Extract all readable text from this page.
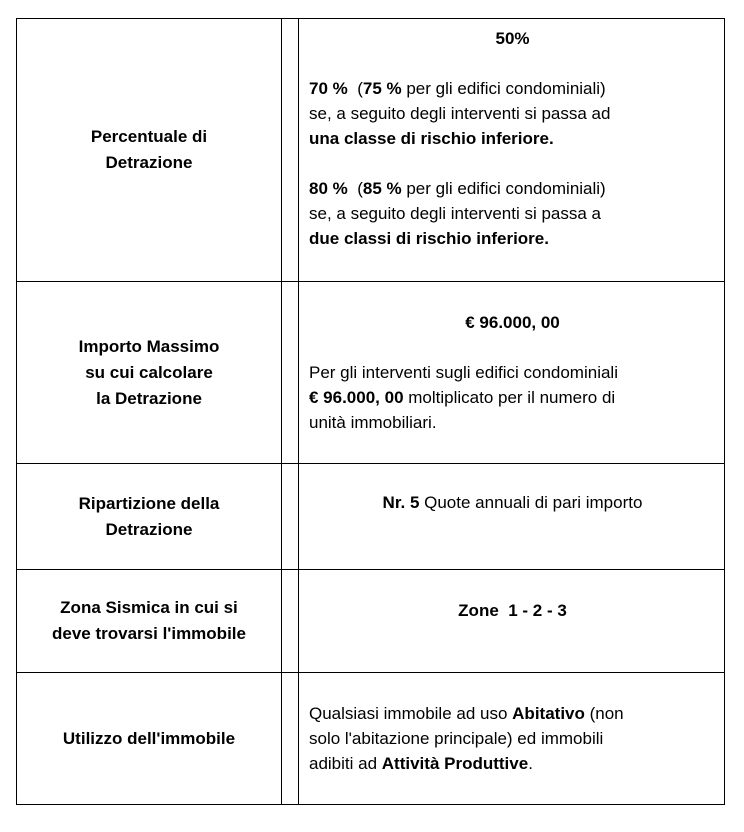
Percentuale di
Detrazione

50%

70 % (75 % per gli edifici condominiali)

se, a seguito degli interventi si passa ad

una classe di rischio inferiore.

80 % (85 % per gli edifici condominiali)

se, a seguito degli interventi si passa a

due classi di rischio inferiore.

Importo Massimo
su cui calcolare
la Detrazione

€ 96.000, 00

Per gli interventi sugli edifici condominiali

€ 96.000, 00 moltiplicato per il numero di

unità immobiliari.

Ripartizione della
Detrazione

Nr. 5 Quote annuali di pari importo

Zona Sismica in cui si
deve trovarsi l'immobile

Zone  1 - 2 - 3

Utilizzo dell'immobile

Qualsiasi immobile ad uso Abitativo (non

solo l'abitazione principale) ed immobili

adibiti ad Attività Produttive.
